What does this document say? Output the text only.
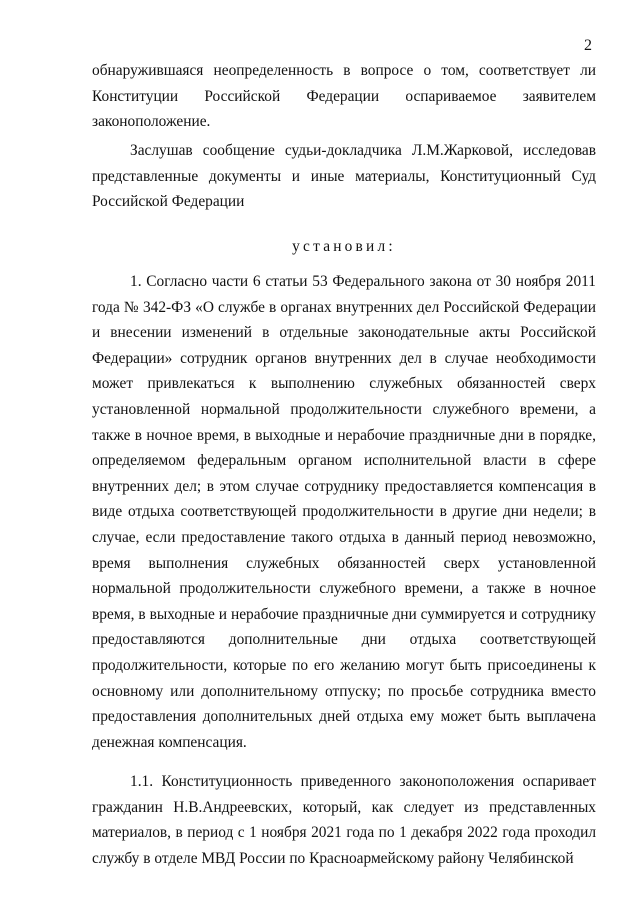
2

обнаружившаяся неопределенность в вопросе о том, соответствует ли Конституции Российской Федерации оспариваемое заявителем законоположение.

Заслушав сообщение судьи-докладчика Л.М.Жарковой, исследовав представленные документы и иные материалы, Конституционный Суд Российской Федерации

установил:

1. Согласно части 6 статьи 53 Федерального закона от 30 ноября 2011 года № 342-ФЗ «О службе в органах внутренних дел Российской Федерации и внесении изменений в отдельные законодательные акты Российской Федерации» сотрудник органов внутренних дел в случае необходимости может привлекаться к выполнению служебных обязанностей сверх установленной нормальной продолжительности служебного времени, а также в ночное время, в выходные и нерабочие праздничные дни в порядке, определяемом федеральным органом исполнительной власти в сфере внутренних дел; в этом случае сотруднику предоставляется компенсация в виде отдыха соответствующей продолжительности в другие дни недели; в случае, если предоставление такого отдыха в данный период невозможно, время выполнения служебных обязанностей сверх установленной нормальной продолжительности служебного времени, а также в ночное время, в выходные и нерабочие праздничные дни суммируется и сотруднику предоставляются дополнительные дни отдыха соответствующей продолжительности, которые по его желанию могут быть присоединены к основному или дополнительному отпуску; по просьбе сотрудника вместо предоставления дополнительных дней отдыха ему может быть выплачена денежная компенсация.

1.1. Конституционность приведенного законоположения оспаривает гражданин Н.В.Андреевских, который, как следует из представленных материалов, в период с 1 ноября 2021 года по 1 декабря 2022 года проходил службу в отделе МВД России по Красноармейскому району Челябинской
